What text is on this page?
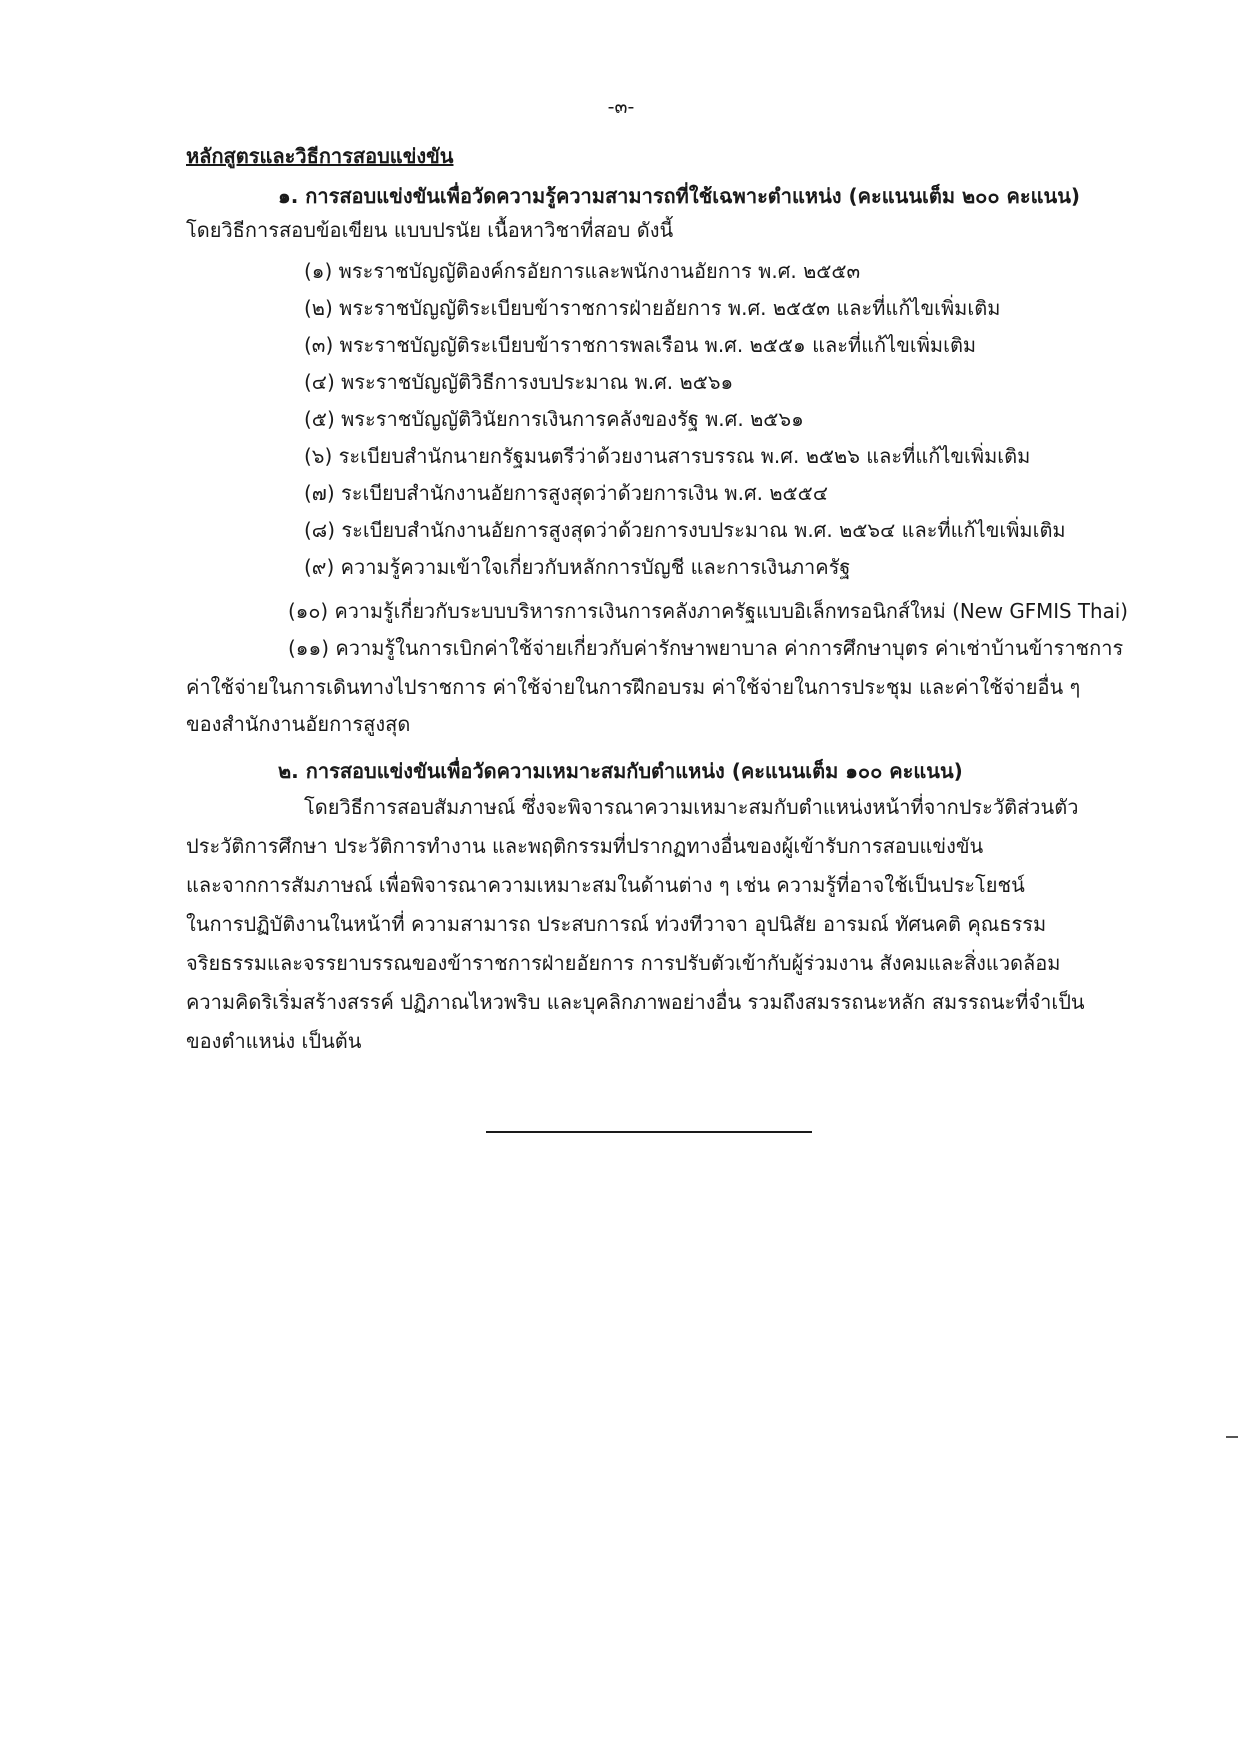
-๓-
หลักสูตรและวิธีการสอบแข่งขัน
๑. การสอบแข่งขันเพื่อวัดความรู้ความสามารถที่ใช้เฉพาะตำแหน่ง (คะแนนเต็ม ๒๐๐ คะแนน)
โดยวิธีการสอบข้อเขียน แบบปรนัย เนื้อหาวิชาที่สอบ ดังนี้
(๑) พระราชบัญญัติองค์กรอัยการและพนักงานอัยการ พ.ศ. ๒๕๕๓
(๒) พระราชบัญญัติระเบียบข้าราชการฝ่ายอัยการ พ.ศ. ๒๕๕๓ และที่แก้ไขเพิ่มเติม
(๓) พระราชบัญญัติระเบียบข้าราชการพลเรือน พ.ศ. ๒๕๕๑ และที่แก้ไขเพิ่มเติม
(๔) พระราชบัญญัติวิธีการงบประมาณ พ.ศ. ๒๕๖๑
(๕) พระราชบัญญัติวินัยการเงินการคลังของรัฐ พ.ศ. ๒๕๖๑
(๖) ระเบียบสำนักนายกรัฐมนตรีว่าด้วยงานสารบรรณ พ.ศ. ๒๕๒๖ และที่แก้ไขเพิ่มเติม
(๗) ระเบียบสำนักงานอัยการสูงสุดว่าด้วยการเงิน พ.ศ. ๒๕๕๔
(๘) ระเบียบสำนักงานอัยการสูงสุดว่าด้วยการงบประมาณ พ.ศ. ๒๕๖๔ และที่แก้ไขเพิ่มเติม
(๙) ความรู้ความเข้าใจเกี่ยวกับหลักการบัญชี และการเงินภาครัฐ
(๑๐) ความรู้เกี่ยวกับระบบบริหารการเงินการคลังภาครัฐแบบอิเล็กทรอนิกส์ใหม่ (New GFMIS Thai)
(๑๑) ความรู้ในการเบิกค่าใช้จ่ายเกี่ยวกับค่ารักษาพยาบาล ค่าการศึกษาบุตร ค่าเช่าบ้านข้าราชการ
ค่าใช้จ่ายในการเดินทางไปราชการ ค่าใช้จ่ายในการฝึกอบรม ค่าใช้จ่ายในการประชุม และค่าใช้จ่ายอื่น ๆ
ของสำนักงานอัยการสูงสุด
๒. การสอบแข่งขันเพื่อวัดความเหมาะสมกับตำแหน่ง (คะแนนเต็ม ๑๐๐ คะแนน)
โดยวิธีการสอบสัมภาษณ์ ซึ่งจะพิจารณาความเหมาะสมกับตำแหน่งหน้าที่จากประวัติส่วนตัว
ประวัติการศึกษา ประวัติการทำงาน และพฤติกรรมที่ปรากฏทางอื่นของผู้เข้ารับการสอบแข่งขัน
และจากการสัมภาษณ์ เพื่อพิจารณาความเหมาะสมในด้านต่าง ๆ เช่น ความรู้ที่อาจใช้เป็นประโยชน์
ในการปฏิบัติงานในหน้าที่ ความสามารถ ประสบการณ์ ท่วงทีวาจา อุปนิสัย อารมณ์ ทัศนคติ คุณธรรม
จริยธรรมและจรรยาบรรณของข้าราชการฝ่ายอัยการ การปรับตัวเข้ากับผู้ร่วมงาน สังคมและสิ่งแวดล้อม
ความคิดริเริ่มสร้างสรรค์ ปฏิภาณไหวพริบ และบุคลิกภาพอย่างอื่น รวมถึงสมรรถนะหลัก สมรรถนะที่จำเป็น
ของตำแหน่ง เป็นต้น
